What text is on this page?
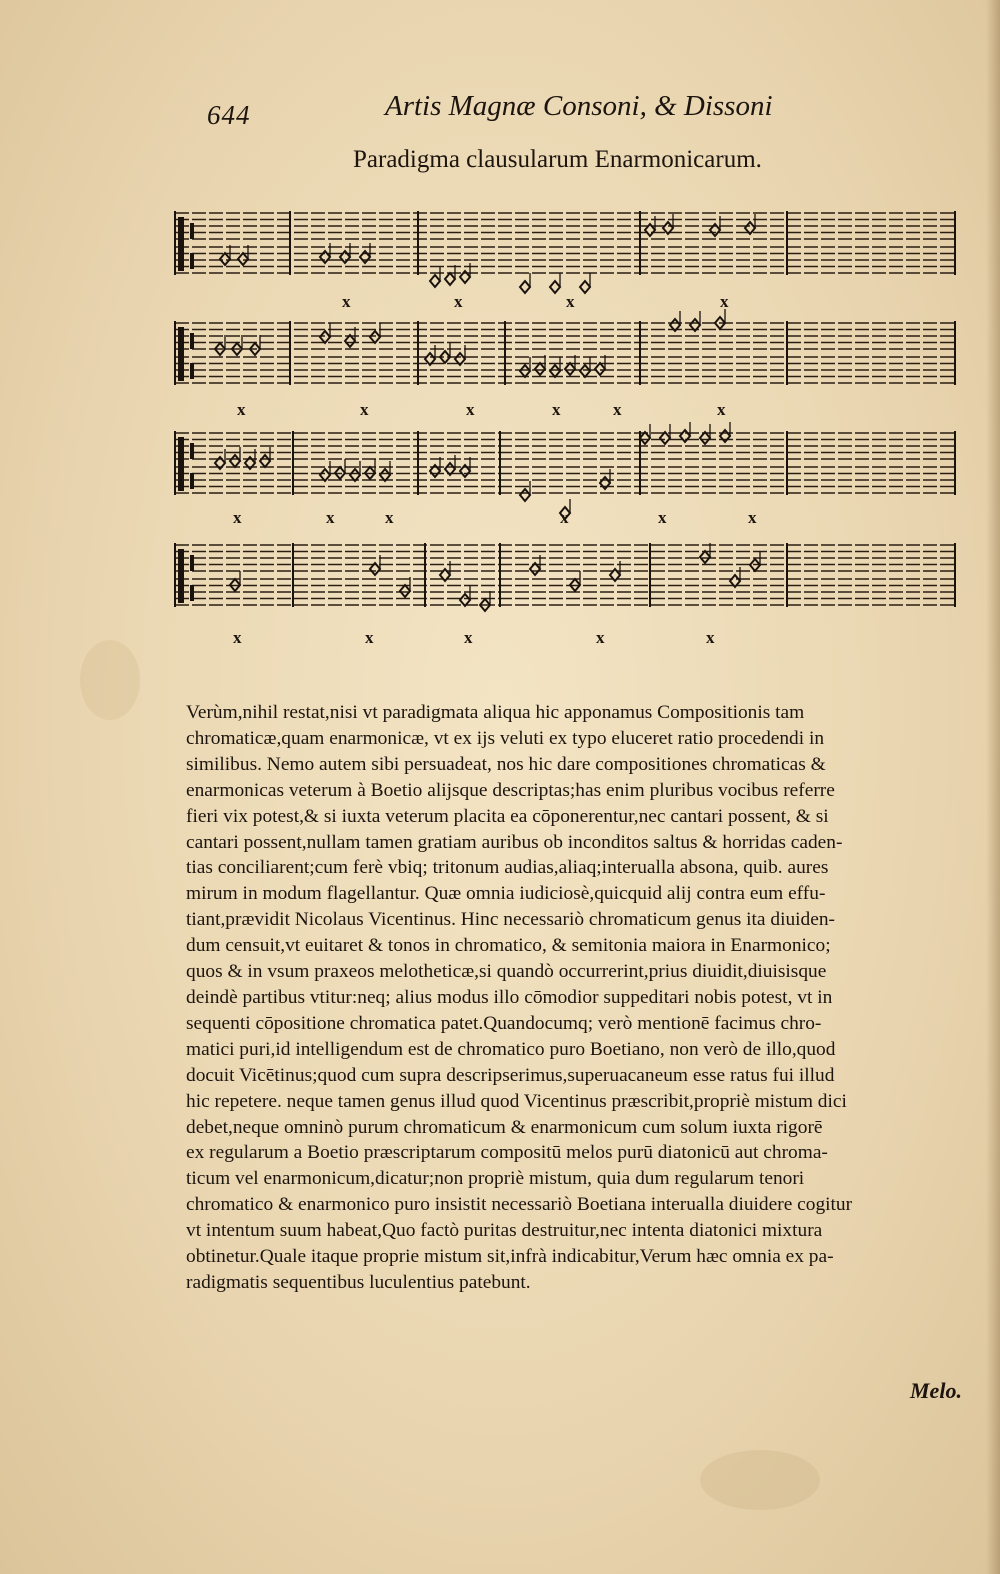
644	Artis Magnæ Consoni, & Dissoni
Paradigma clausularum Enarmonicarum.
x	x	x	x
x	x	x	x	x	x
x	x	x	x	x	x
x	x	x	x	x
Verùm,nihil restat,nisi vt paradigmata aliqua hic apponamus Compositionis tam
chromaticæ,quam enarmonicæ, vt ex ijs veluti ex typo eluceret ratio procedendi in
similibus. Nemo autem sibi persuadeat, nos hic dare compositiones chromaticas &
enarmonicas veterum à Boetio alijsque descriptas;has enim pluribus vocibus referre
fieri vix potest,& si iuxta veterum placita ea cōponerentur,nec cantari possent, & si
cantari possent,nullam tamen gratiam auribus ob inconditos saltus & horridas caden-
tias conciliarent;cum ferè vbiq; tritonum audias,aliaq;interualla absona, quib. aures
mirum in modum flagellantur. Quæ omnia iudiciosè,quicquid alij contra eum effu-
tiant,prævidit Nicolaus Vicentinus. Hinc necessariò chromaticum genus ita diuiden-
dum censuit,vt euitaret & tonos in chromatico, & semitonia maiora in Enarmonico;
quos & in vsum praxeos melotheticæ,si quandò occurrerint,prius diuidit,diuisisque
deindè partibus vtitur:neq; alius modus illo cōmodior suppeditari nobis potest, vt in
sequenti cōpositione chromatica patet.Quandocumq; verò mentionē facimus chro-
matici puri,id intelligendum est de chromatico puro Boetiano, non verò de illo,quod
docuit Vicētinus;quod cum supra descripserimus,superuacaneum esse ratus fui illud
hic repetere. neque tamen genus illud quod Vicentinus præscribit,propriè mistum dici
debet,neque omninò purum chromaticum & enarmonicum cum solum iuxta rigorē
ex regularum a Boetio præscriptarum compositū melos purū diatonicū aut chroma-
ticum vel enarmonicum,dicatur;non propriè mistum, quia dum regularum tenori
chromatico & enarmonico puro insistit necessariò Boetiana interualla diuidere cogitur
vt intentum suum habeat,Quo factò puritas destruitur,nec intenta diatonici mixtura
obtinetur.Quale itaque proprie mistum sit,infrà indicabitur,Verum hæc omnia ex pa-
radigmatis sequentibus luculentius patebunt.
Melo.
